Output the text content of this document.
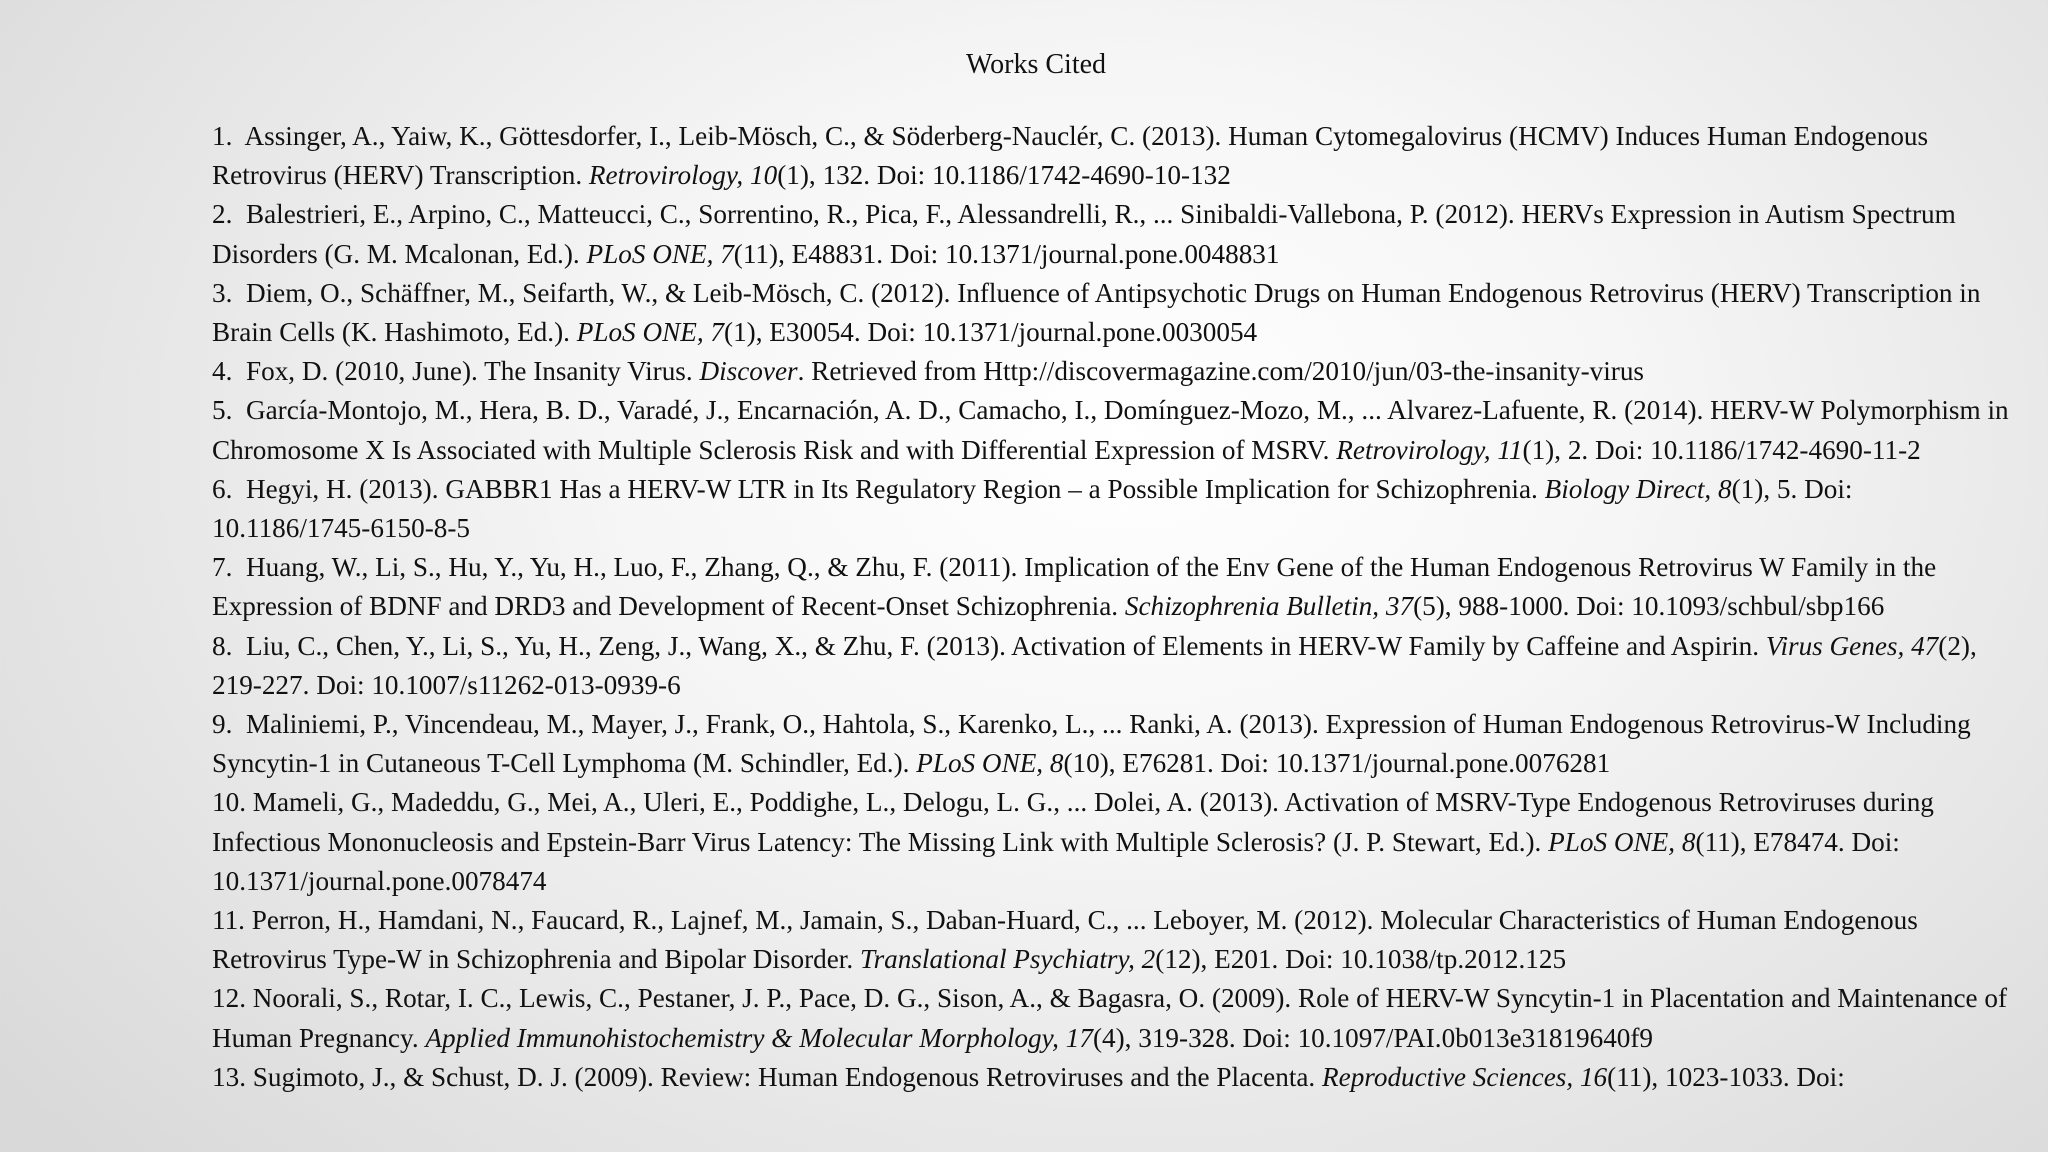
Works Cited

1. Assinger, A., Yaiw, K., Göttesdorfer, I., Leib-Mösch, C., & Söderberg-Nauclér, C. (2013). Human Cytomegalovirus (HCMV) Induces Human Endogenous Retrovirus (HERV) Transcription. Retrovirology, 10(1), 132. Doi: 10.1186/1742-4690-10-132

2. Balestrieri, E., Arpino, C., Matteucci, C., Sorrentino, R., Pica, F., Alessandrelli, R., ... Sinibaldi-Vallebona, P. (2012). HERVs Expression in Autism Spectrum Disorders (G. M. Mcalonan, Ed.). PLoS ONE, 7(11), E48831. Doi: 10.1371/journal.pone.0048831

3. Diem, O., Schäffner, M., Seifarth, W., & Leib-Mösch, C. (2012). Influence of Antipsychotic Drugs on Human Endogenous Retrovirus (HERV) Transcription in Brain Cells (K. Hashimoto, Ed.). PLoS ONE, 7(1), E30054. Doi: 10.1371/journal.pone.0030054

4. Fox, D. (2010, June). The Insanity Virus. Discover. Retrieved from Http://discovermagazine.com/2010/jun/03-the-insanity-virus

5. García-Montojo, M., Hera, B. D., Varadé, J., Encarnación, A. D., Camacho, I., Domínguez-Mozo, M., ... Alvarez-Lafuente, R. (2014). HERV-W Polymorphism in Chromosome X Is Associated with Multiple Sclerosis Risk and with Differential Expression of MSRV. Retrovirology, 11(1), 2. Doi: 10.1186/1742-4690-11-2

6. Hegyi, H. (2013). GABBR1 Has a HERV-W LTR in Its Regulatory Region – a Possible Implication for Schizophrenia. Biology Direct, 8(1), 5. Doi: 10.1186/1745-6150-8-5

7. Huang, W., Li, S., Hu, Y., Yu, H., Luo, F., Zhang, Q., & Zhu, F. (2011). Implication of the Env Gene of the Human Endogenous Retrovirus W Family in the Expression of BDNF and DRD3 and Development of Recent-Onset Schizophrenia. Schizophrenia Bulletin, 37(5), 988-1000. Doi: 10.1093/schbul/sbp166

8. Liu, C., Chen, Y., Li, S., Yu, H., Zeng, J., Wang, X., & Zhu, F. (2013). Activation of Elements in HERV-W Family by Caffeine and Aspirin. Virus Genes, 47(2), 219-227. Doi: 10.1007/s11262-013-0939-6

9. Maliniemi, P., Vincendeau, M., Mayer, J., Frank, O., Hahtola, S., Karenko, L., ... Ranki, A. (2013). Expression of Human Endogenous Retrovirus-W Including Syncytin-1 in Cutaneous T-Cell Lymphoma (M. Schindler, Ed.). PLoS ONE, 8(10), E76281. Doi: 10.1371/journal.pone.0076281

10. Mameli, G., Madeddu, G., Mei, A., Uleri, E., Poddighe, L., Delogu, L. G., ... Dolei, A. (2013). Activation of MSRV-Type Endogenous Retroviruses during Infectious Mononucleosis and Epstein-Barr Virus Latency: The Missing Link with Multiple Sclerosis? (J. P. Stewart, Ed.). PLoS ONE, 8(11), E78474. Doi: 10.1371/journal.pone.0078474

11. Perron, H., Hamdani, N., Faucard, R., Lajnef, M., Jamain, S., Daban-Huard, C., ... Leboyer, M. (2012). Molecular Characteristics of Human Endogenous Retrovirus Type-W in Schizophrenia and Bipolar Disorder. Translational Psychiatry, 2(12), E201. Doi: 10.1038/tp.2012.125

12. Noorali, S., Rotar, I. C., Lewis, C., Pestaner, J. P., Pace, D. G., Sison, A., & Bagasra, O. (2009). Role of HERV-W Syncytin-1 in Placentation and Maintenance of Human Pregnancy. Applied Immunohistochemistry & Molecular Morphology, 17(4), 319-328. Doi: 10.1097/PAI.0b013e31819640f9

13. Sugimoto, J., & Schust, D. J. (2009). Review: Human Endogenous Retroviruses and the Placenta. Reproductive Sciences, 16(11), 1023-1033. Doi:
